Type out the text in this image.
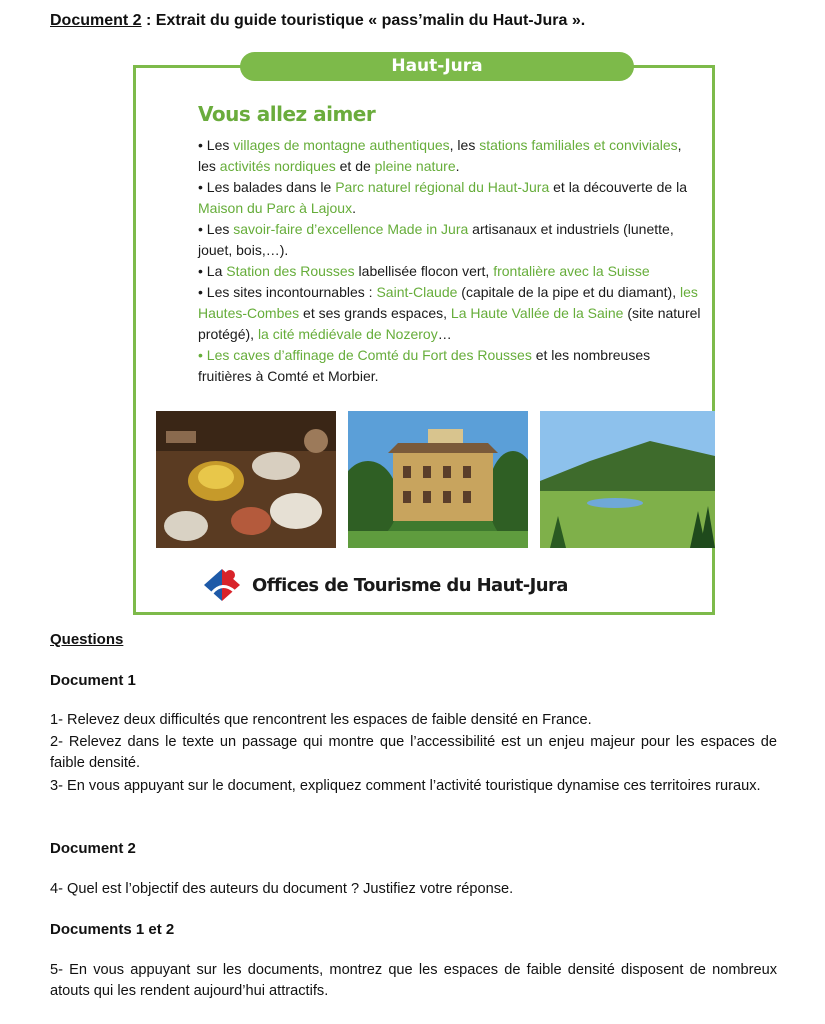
Document 2 : Extrait du guide touristique « pass’malin du Haut-Jura ».
Haut-Jura
Vous allez aimer
• Les villages de montagne authentiques, les stations familiales et conviviales, les activités nordiques et de pleine nature.
• Les balades dans le Parc naturel régional du Haut-Jura et la découverte de la Maison du Parc à Lajoux.
• Les savoir-faire d’excellence Made in Jura artisanaux et industriels (lunette, jouet, bois,…).
• La Station des Rousses labellisée flocon vert, frontalière avec la Suisse
• Les sites incontournables : Saint-Claude (capitale de la pipe et du diamant), les Hautes-Combes et ses grands espaces, La Haute Vallée de la Saine (site naturel protégé), la cité médiévale de Nozeroy…
• Les caves d’affinage de Comté du Fort des Rousses et les nombreuses fruitières à Comté et Morbier.
Offices de Tourisme du Haut-Jura
Questions
Document 1
1- Relevez deux difficultés que rencontrent les espaces de faible densité en France.
2- Relevez dans le texte un passage qui montre que l’accessibilité est un enjeu majeur pour les espaces de faible densité.
3- En vous appuyant sur le document, expliquez comment l’activité touristique dynamise ces territoires ruraux.
Document 2
4- Quel est l’objectif des auteurs du document ? Justifiez votre réponse.
Documents 1 et 2
5- En vous appuyant sur les documents, montrez que les espaces de faible densité disposent de nombreux atouts qui les rendent aujourd’hui attractifs.
